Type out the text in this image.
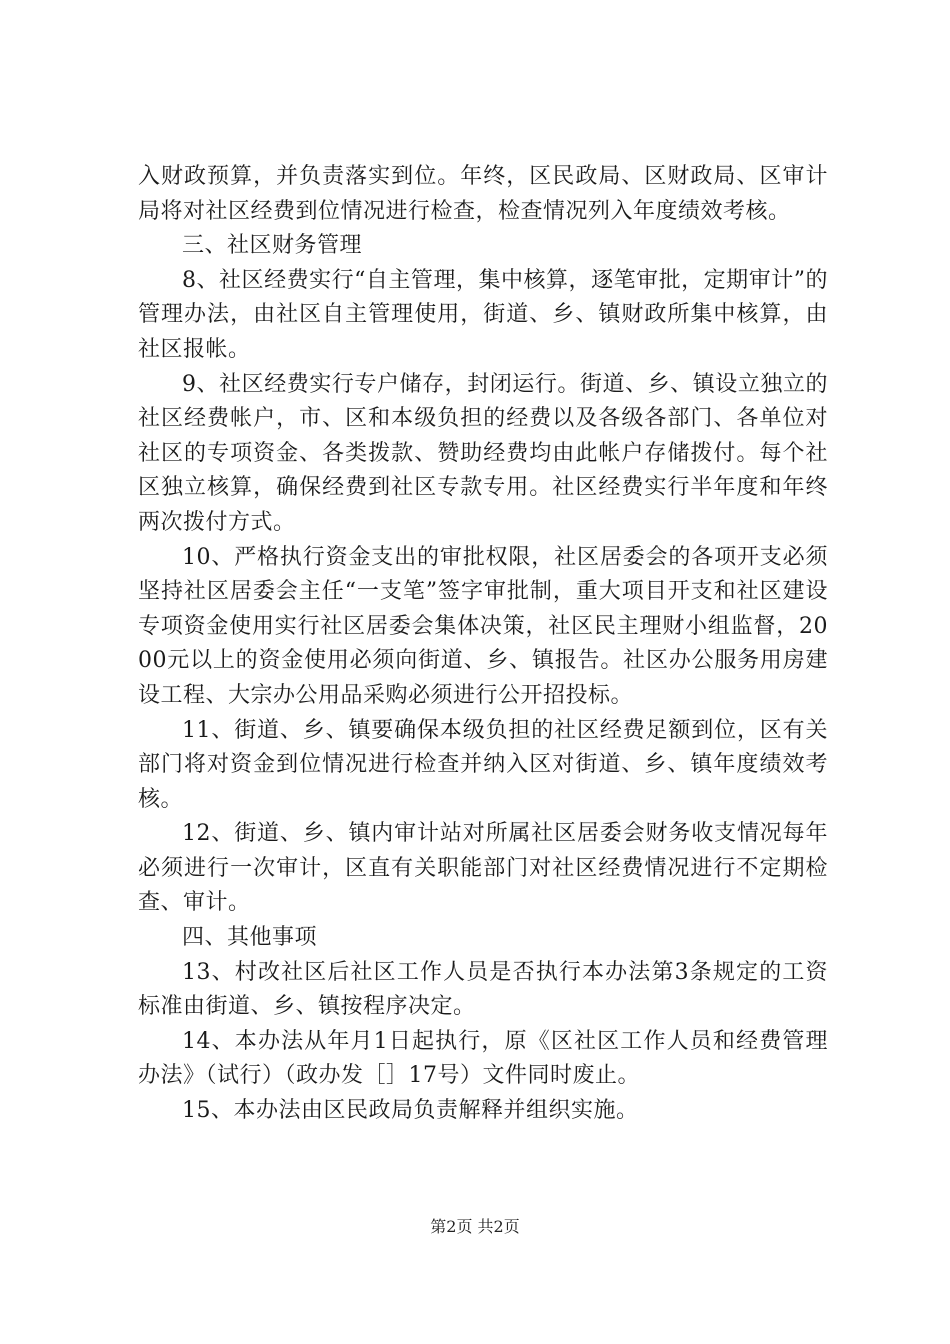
入财政预算，并负责落实到位。年终，区民政局、区财政局、区审计局将对社区经费到位情况进行检查，检查情况列入年度绩效考核。

三、社区财务管理

8、社区经费实行“自主管理，集中核算，逐笔审批，定期审计”的管理办法，由社区自主管理使用，街道、乡、镇财政所集中核算，由社区报帐。

9、社区经费实行专户储存，封闭运行。街道、乡、镇设立独立的社区经费帐户，市、区和本级负担的经费以及各级各部门、各单位对社区的专项资金、各类拨款、赞助经费均由此帐户存储拨付。每个社区独立核算，确保经费到社区专款专用。社区经费实行半年度和年终两次拨付方式。

10、严格执行资金支出的审批权限，社区居委会的各项开支必须坚持社区居委会主任“一支笔”签字审批制，重大项目开支和社区建设专项资金使用实行社区居委会集体决策，社区民主理财小组监督，2000元以上的资金使用必须向街道、乡、镇报告。社区办公服务用房建设工程、大宗办公用品采购必须进行公开招投标。

11、街道、乡、镇要确保本级负担的社区经费足额到位，区有关部门将对资金到位情况进行检查并纳入区对街道、乡、镇年度绩效考核。

12、街道、乡、镇内审计站对所属社区居委会财务收支情况每年必须进行一次审计，区直有关职能部门对社区经费情况进行不定期检查、审计。

四、其他事项

13、村改社区后社区工作人员是否执行本办法第3条规定的工资标准由街道、乡、镇按程序决定。

14、本办法从年月1日起执行，原《区社区工作人员和经费管理办法》（试行）（政办发［］17号）文件同时废止。

15、本办法由区民政局负责解释并组织实施。

第2页 共2页
